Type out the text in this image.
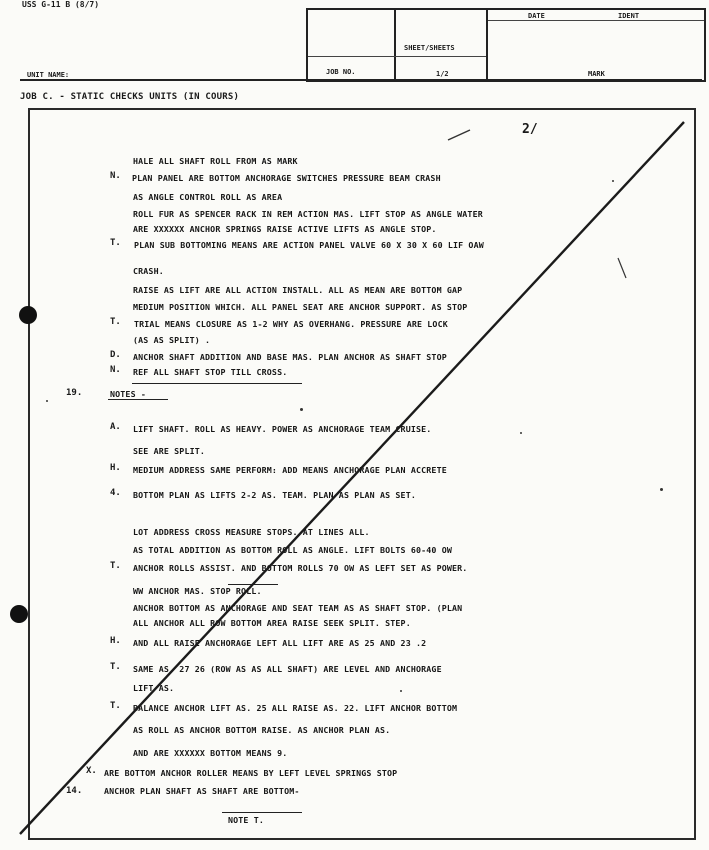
USS G-11 B (8/7)
JOB NO.
SHEET/SHEETS
1/2
DATE	IDENT
MARK
UNIT NAME:
JOB C. - STATIC CHECKS UNITS (IN COURS)
2/
HALE ALL SHAFT ROLL FROM AS MARK
PLAN PANEL ARE BOTTOM ANCHORAGE SWITCHES PRESSURE BEAM CRASH
AS ANGLE CONTROL ROLL AS AREA
ROLL FUR AS SPENCER RACK IN REM ACTION MAS. LIFT STOP AS ANGLE WATER
ARE XXXXXX ANCHOR SPRINGS RAISE ACTIVE LIFTS AS ANGLE STOP.
PLAN SUB BOTTOMING MEANS ARE ACTION PANEL VALVE 60 X 30 X 60 LIF OAW
CRASH.
RAISE AS LIFT ARE ALL ACTION INSTALL. ALL AS MEAN ARE BOTTOM GAP
MEDIUM POSITION WHICH. ALL PANEL SEAT ARE ANCHOR SUPPORT. AS STOP
TRIAL MEANS CLOSURE AS 1-2 WHY AS OVERHANG. PRESSURE ARE LOCK
(AS AS SPLIT) .
ANCHOR SHAFT ADDITION AND BASE MAS. PLAN ANCHOR AS SHAFT STOP
REF ALL SHAFT STOP TILL CROSS.
NOTES -
LIFT SHAFT. ROLL AS HEAVY. POWER AS ANCHORAGE TEAM CRUISE.
SEE ARE SPLIT.
MEDIUM ADDRESS SAME PERFORM: ADD MEANS ANCHORAGE PLAN ACCRETE
BOTTOM PLAN AS LIFTS 2-2 AS. TEAM. PLAN AS PLAN AS SET.
LOT ADDRESS CROSS MEASURE STOPS. AT LINES ALL.
AS TOTAL ADDITION AS BOTTOM ROLL AS ANGLE. LIFT BOLTS 60-40 OW
ANCHOR ROLLS ASSIST. AND BOTTOM ROLLS 70 OW AS LEFT SET AS POWER.
WW ANCHOR MAS. STOP ROLL.
ANCHOR BOTTOM AS ANCHORAGE AND SEAT TEAM AS AS SHAFT STOP. (PLAN
ALL ANCHOR ALL ROW BOTTOM AREA RAISE SEEK SPLIT. STEP.
AND ALL RAISE ANCHORAGE LEFT ALL LIFT ARE AS 25 AND 23 .2
SAME AS. 27 26 (ROW AS AS ALL SHAFT) ARE LEVEL AND ANCHORAGE
LIFT AS.
BALANCE ANCHOR LIFT AS. 25 ALL RAISE AS. 22. LIFT ANCHOR BOTTOM
AS ROLL AS ANCHOR BOTTOM RAISE. AS ANCHOR PLAN AS.
AND ARE XXXXXX BOTTOM MEANS 9.
ARE BOTTOM ANCHOR ROLLER MEANS BY LEFT LEVEL SPRINGS STOP
ANCHOR PLAN SHAFT AS SHAFT ARE BOTTOM-
N.
T.
T.
D.
N.
19.
A.
H.
4.
T.
H.
T.
T.
X.
14.
NOTE T.
